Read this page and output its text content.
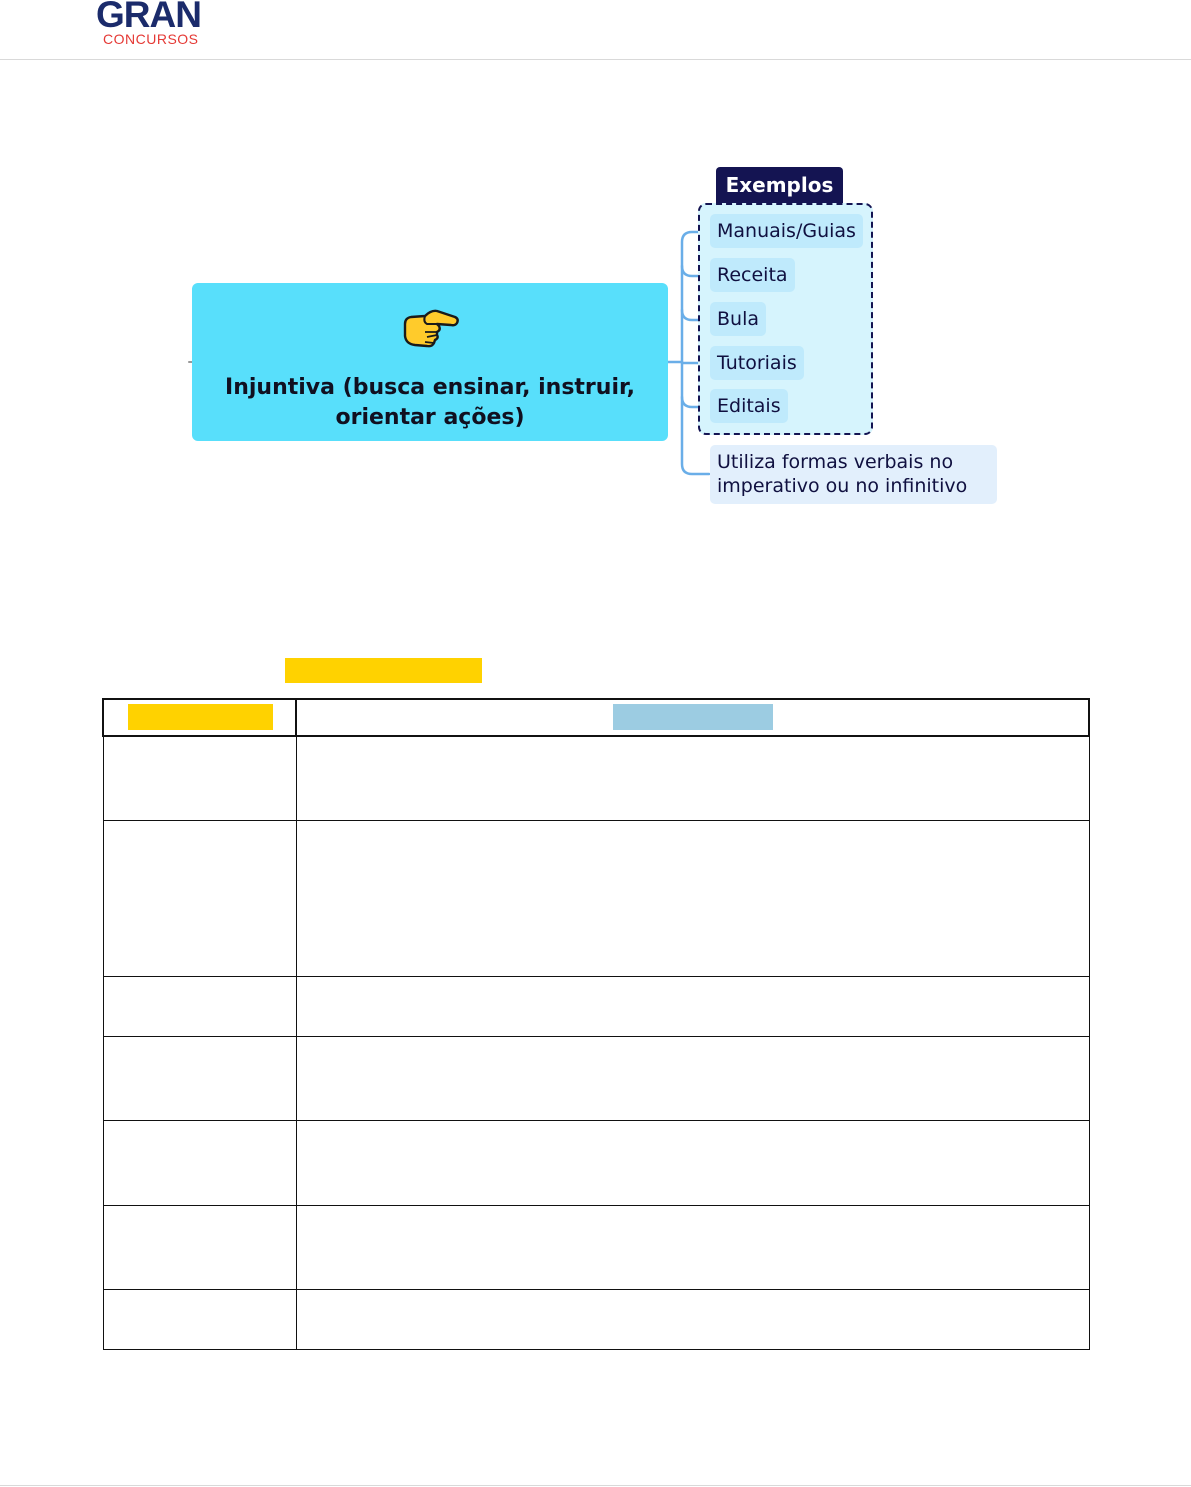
GRAN
CONCURSOS
Injuntiva (busca ensinar, instruir, orientar ações)
Exemplos
Manuais/Guias
Receita
Bula
Tutoriais
Editais
Utiliza formas verbais no imperativo ou no infinitivo
